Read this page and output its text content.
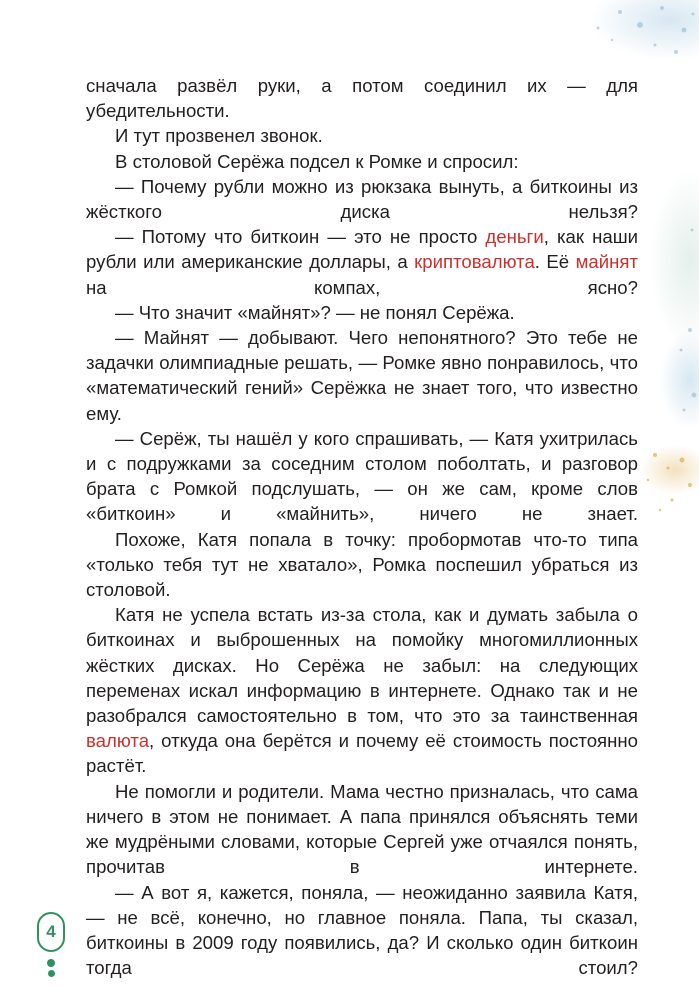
сначала развёл руки, а потом соединил их — для убедительности.

И тут прозвенел звонок.

В столовой Серёжа подсел к Ромке и спросил:

— Почему рубли можно из рюкзака вынуть, а биткоины из жёсткого диска нельзя?

— Потому что биткоин — это не просто деньги, как наши рубли или американские доллары, а криптовалюта. Её майнят на компах, ясно?

— Что значит «майнят»? — не понял Серёжа.

— Майнят — добывают. Чего непонятного? Это тебе не задачки олимпиадные решать, — Ромке явно понравилось, что «математический гений» Серёжка не знает того, что известно ему.

— Серёж, ты нашёл у кого спрашивать, — Катя ухитрилась и с подружками за соседним столом поболтать, и разговор брата с Ромкой подслушать, — он же сам, кроме слов «биткоин» и «майнить», ничего не знает.

Похоже, Катя попала в точку: пробормотав что-то типа «только тебя тут не хватало», Ромка поспешил убраться из столовой.

Катя не успела встать из-за стола, как и думать забыла о биткоинах и выброшенных на помойку многомиллионных жёстких дисках. Но Серёжа не забыл: на следующих переменах искал информацию в интернете. Однако так и не разобрался самостоятельно в том, что это за таинственная валюта, откуда она берётся и почему её стоимость постоянно растёт.

Не помогли и родители. Мама честно призналась, что сама ничего в этом не понимает. А папа принялся объяснять теми же мудрёными словами, которые Сергей уже отчаялся понять, прочитав в интернете.

— А вот я, кажется, поняла, — неожиданно заявила Катя, — не всё, конечно, но главное поняла. Папа, ты сказал, биткоины в 2009 году появились, да? И сколько один биткоин тогда стоил?

4
